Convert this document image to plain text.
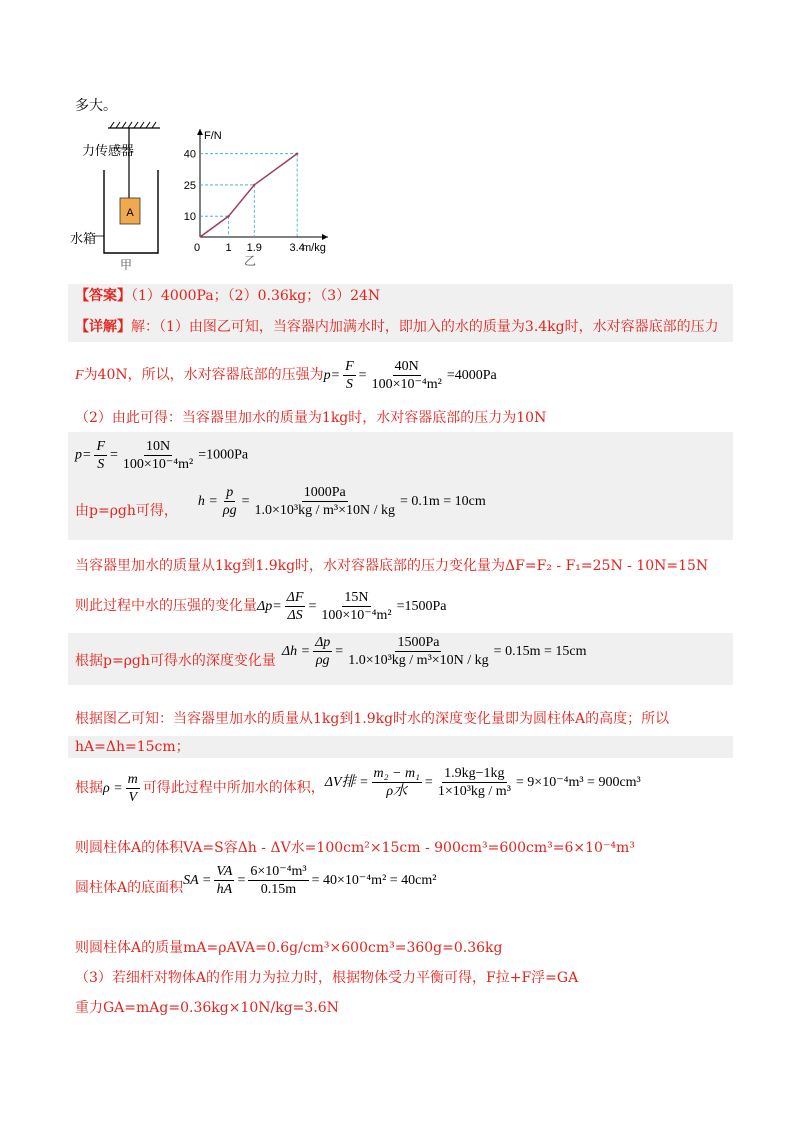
多大。
A
力传感器
水箱
甲
F/N
m/kg
0 1 1.9	3.4
10
25
40
乙
【答案】（1）4000Pa；（2）0.36kg；（3）24N
【详解】解：（1）由图乙可知，当容器内加满水时，即加入的水的质量为3.4kg时，水对容器底部的压力
F为40N，所以，水对容器底部的压强为$p= \frac{F}{S} = \frac{40N}{\text{100×10⁻⁴m²}} =4000Pa$
（2）由此可得：当容器里加水的质量为1kg时，水对容器底部的压力为10N
$p= \frac{F}{S} = \frac{10N}{\text{100×10⁻⁴m²}} =1000Pa$
由p=ρgh可得，$h = \frac{p}{\rho g} = \frac{1000Pa}{\text{1.0×10³kg / m³×10N / kg}} = 0.1m = 10cm$
当容器里加水的质量从1kg到1.9kg时，水对容器底部的压力变化量为ΔF=F₂ - F₁=25N - 10N=15N
则此过程中水的压强的变化量$\Delta p= \frac{\Delta F}{\Delta S} = \frac{15N}{\text{100×10⁻⁴m²}} =1500Pa$
根据p=ρgh可得水的深度变化量$\Delta h = \frac{\Delta p}{\rho g} = \frac{1500Pa}{\text{1.0×10³kg / m³×10N / kg}} = 0.15m = 15cm$
根据图乙可知：当容器里加水的质量从1kg到1.9kg时水的深度变化量即为圆柱体A的高度；所以
hA=Δh=15cm；
根据$\rho = \frac{m}{V}$ 可得此过程中所加水的体积，ΔV排 = $\frac{\text{m₂ − m₁}}{\text{ρ水}} = \frac{1.9kg-1kg}{\text{1×10³kg / m³}} = 9\times 10^{-4}m^3 = 900cm^3$
则圆柱体A的体积VA=S容Δh - ΔV水=100cm²×15cm - 900cm³=600cm³=6×10⁻⁴m³
圆柱体A的底面积SA = $\frac{VA}{hA} = \frac{\text{6×10⁻⁴m³}}{0.15m} = 40\times 10^{-4}m^2 = 40cm^2$
则圆柱体A的质量mA=ρAVA=0.6g/cm³×600cm³=360g=0.36kg
（3）若细杆对物体A的作用力为拉力时，根据物体受力平衡可得，F拉+F浮=GA
重力GA=mAg=0.36kg×10N/kg=3.6N
